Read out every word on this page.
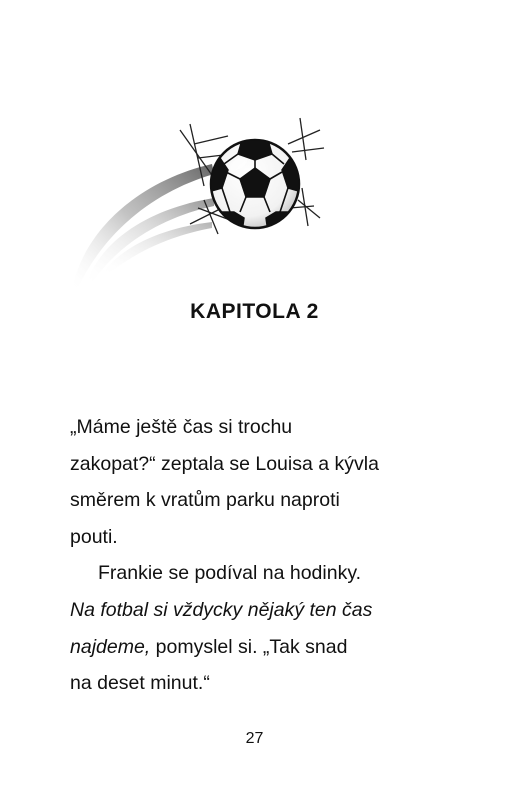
KAPITOLA 2
„Máme ještě čas si trochu
zakopat?“ zeptala se Louisa a kývla
směrem k vratům parku naproti
pouti.
Frankie se podíval na hodinky.
Na fotbal si vždycky nějaký ten čas
najdeme, pomyslel si. „Tak snad
na deset minut.“
27
